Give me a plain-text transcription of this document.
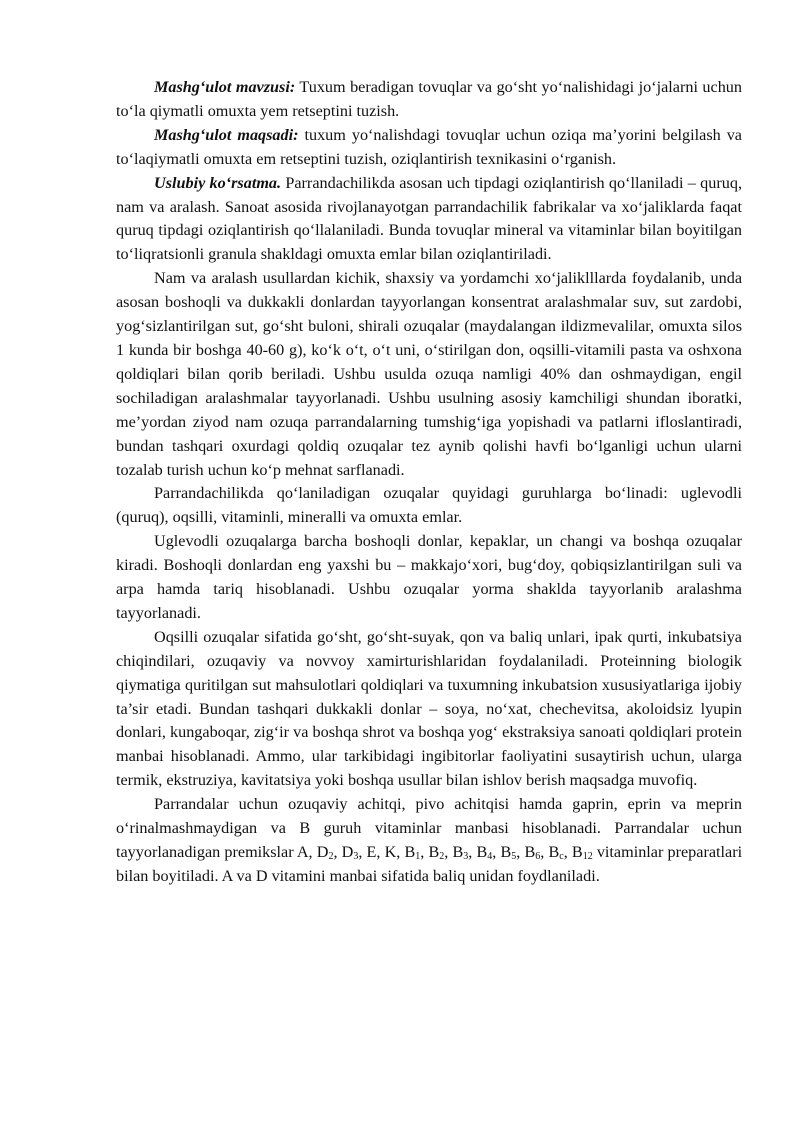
Mashg‘ulot mavzusi: Tuxum beradigan tovuqlar va go‘sht yo‘nalishidagi jo‘jalarni uchun to‘la qiymatli omuxta yem retseptini tuzish.

Mashg‘ulot maqsadi: tuxum yo‘nalishdagi tovuqlar uchun oziqa ma’yorini belgilash va to‘laqiymatli omuxta em retseptini tuzish, oziqlantirish texnikasini o‘rganish.

Uslubiy ko‘rsatma. Parrandachilikda asosan uch tipdagi oziqlantirish qo‘llaniladi – quruq, nam va aralash. Sanoat asosida rivojlanayotgan parrandachilik fabrikalar va xo‘jaliklarda faqat quruq tipdagi oziqlantirish qo‘llalaniladi. Bunda tovuqlar mineral va vitaminlar bilan boyitilgan to‘liqratsionli granula shakldagi omuxta emlar bilan oziqlantiriladi.

Nam va aralash usullardan kichik, shaxsiy va yordamchi xo‘jaliklllarda foydalanib, unda asosan boshoqli va dukkakli donlardan tayyorlangan konsentrat aralashmalar suv, sut zardobi, yog‘sizlantirilgan sut, go‘sht buloni, shirali ozuqalar (maydalangan ildizmevalilar, omuxta silos 1 kunda bir boshga 40-60 g), ko‘k o‘t, o‘t uni, o‘stirilgan don, oqsilli-vitamili pasta va oshxona qoldiqlari bilan qorib beriladi. Ushbu usulda ozuqa namligi 40% dan oshmaydigan, engil sochiladigan aralashmalar tayyorlanadi. Ushbu usulning asosiy kamchiligi shundan iboratki, me’yordan ziyod nam ozuqa parrandalarning tumshig‘iga yopishadi va patlarni ifloslantiradi, bundan tashqari oxurdagi qoldiq ozuqalar tez aynib qolishi havfi bo‘lganligi uchun ularni tozalab turish uchun ko‘p mehnat sarflanadi.

Parrandachilikda qo‘laniladigan ozuqalar quyidagi guruhlarga bo‘linadi: uglevodli (quruq), oqsilli, vitaminli, mineralli va omuxta emlar.

Uglevodli ozuqalarga barcha boshoqli donlar, kepaklar, un changi va boshqa ozuqalar kiradi. Boshoqli donlardan eng yaxshi bu – makkajo‘xori, bug‘doy, qobiqsizlantirilgan suli va arpa hamda tariq hisoblanadi. Ushbu ozuqalar yorma shaklda tayyorlanib aralashma tayyorlanadi.

Oqsilli ozuqalar sifatida go‘sht, go‘sht-suyak, qon va baliq unlari, ipak qurti, inkubatsiya chiqindilari, ozuqaviy va novvoy xamirturishlaridan foydalaniladi. Proteinning biologik qiymatiga quritilgan sut mahsulotlari qoldiqlari va tuxumning inkubatsion xususiyatlariga ijobiy ta’sir etadi. Bundan tashqari dukkakli donlar – soya, no‘xat, chechevitsa, akoloidsiz lyupin donlari, kungaboqar, zig‘ir va boshqa shrot va boshqa yog‘ ekstraksiya sanoati qoldiqlari protein manbai hisoblanadi. Ammo, ular tarkibidagi ingibitorlar faoliyatini susaytirish uchun, ularga termik, ekstruziya, kavitatsiya yoki boshqa usullar bilan ishlov berish maqsadga muvofiq.

Parrandalar uchun ozuqaviy achitqi, pivo achitqisi hamda gaprin, eprin va meprin o‘rinalmashmaydigan va B guruh vitaminlar manbasi hisoblanadi. Parrandalar uchun tayyorlanadigan premikslar A, $D_2$, $D_3$, E, K, $B_1$, $B_2$, $B_3$, $B_4$, $B_5$, $B_6$, $B_c$, $B_{12}$ vitaminlar preparatlari bilan boyitiladi. A va D vitamini manbai sifatida baliq unidan foydlaniladi.
